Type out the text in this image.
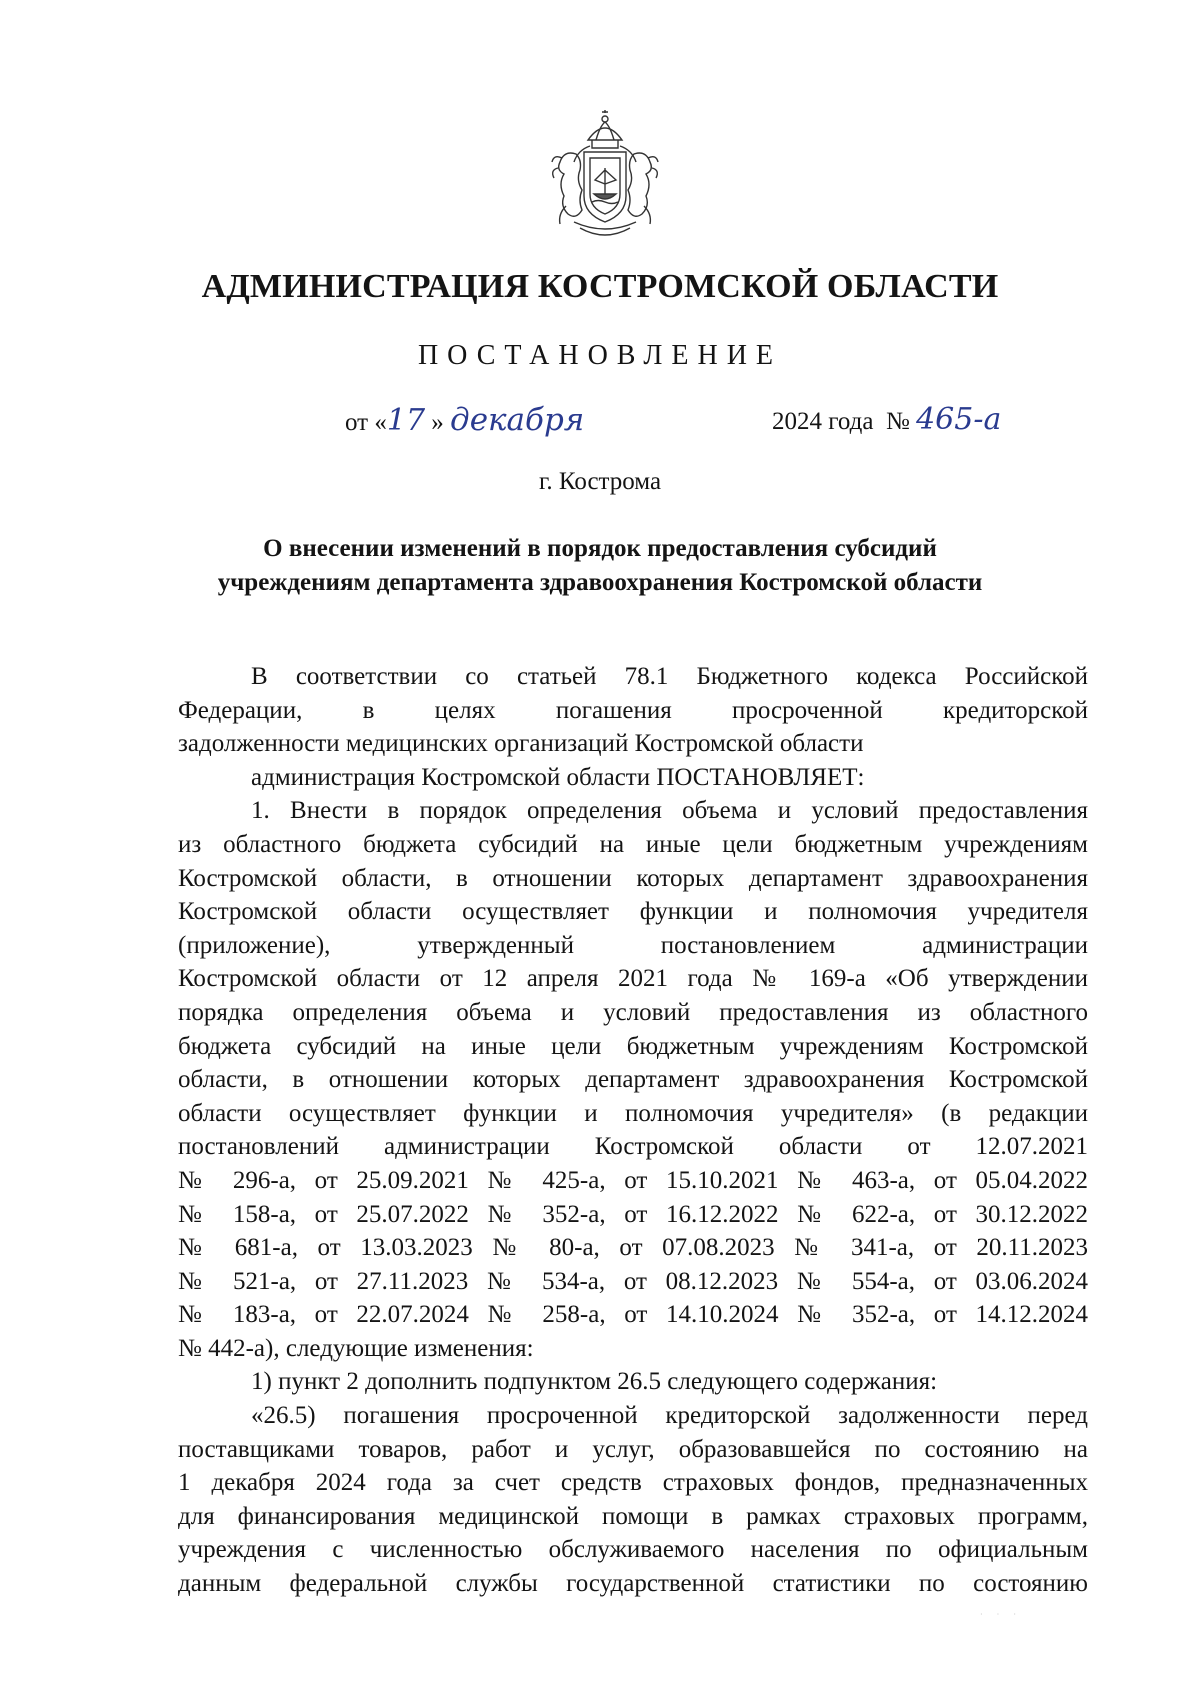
АДМИНИСТРАЦИЯ КОСТРОМСКОЙ ОБЛАСТИ
ПОСТАНОВЛЕНИЕ
от «17 » декабря	2024 года № 465-а
г. Кострома
О внесении изменений в порядок предоставления субсидий
учреждениям департамента здравоохранения Костромской области

В соответствии со статьей 78.1 Бюджетного кодекса Российской

Федерации, в целях погашения просроченной кредиторской

задолженности медицинских организаций Костромской области

администрация Костромской области ПОСТАНОВЛЯЕТ:

1. Внести в порядок определения объема и условий предоставления

из областного бюджета субсидий на иные цели бюджетным учреждениям

Костромской области, в отношении которых департамент здравоохранения

Костромской области осуществляет функции и полномочия учредителя

(приложение), утвержденный постановлением администрации

Костромской области от 12 апреля 2021 года № 169-а «Об утверждении

порядка определения объема и условий предоставления из областного

бюджета субсидий на иные цели бюджетным учреждениям Костромской

области, в отношении которых департамент здравоохранения Костромской

области осуществляет функции и полномочия учредителя» (в редакции

постановлений администрации Костромской области от 12.07.2021

№ 296-а, от 25.09.2021 № 425-а, от 15.10.2021 № 463-а, от 05.04.2022

№ 158-а, от 25.07.2022 № 352-а, от 16.12.2022 № 622-а, от 30.12.2022

№ 681-а, от 13.03.2023 № 80-а, от 07.08.2023 № 341-а, от 20.11.2023

№ 521-а, от 27.11.2023 № 534-а, от 08.12.2023 № 554-а, от 03.06.2024

№ 183-а, от 22.07.2024 № 258-а, от 14.10.2024 № 352-а, от 14.12.2024

№ 442-а), следующие изменения:

1) пункт 2 дополнить подпунктом 26.5 следующего содержания:

«26.5) погашения просроченной кредиторской задолженности перед

поставщиками товаров, работ и услуг, образовавшейся по состоянию на

1 декабря 2024 года за счет средств страховых фондов, предназначенных

для финансирования медицинской помощи в рамках страховых программ,

учреждения с численностью обслуживаемого населения по официальным

данным федеральной службы государственной статистики по состоянию

· · ·
